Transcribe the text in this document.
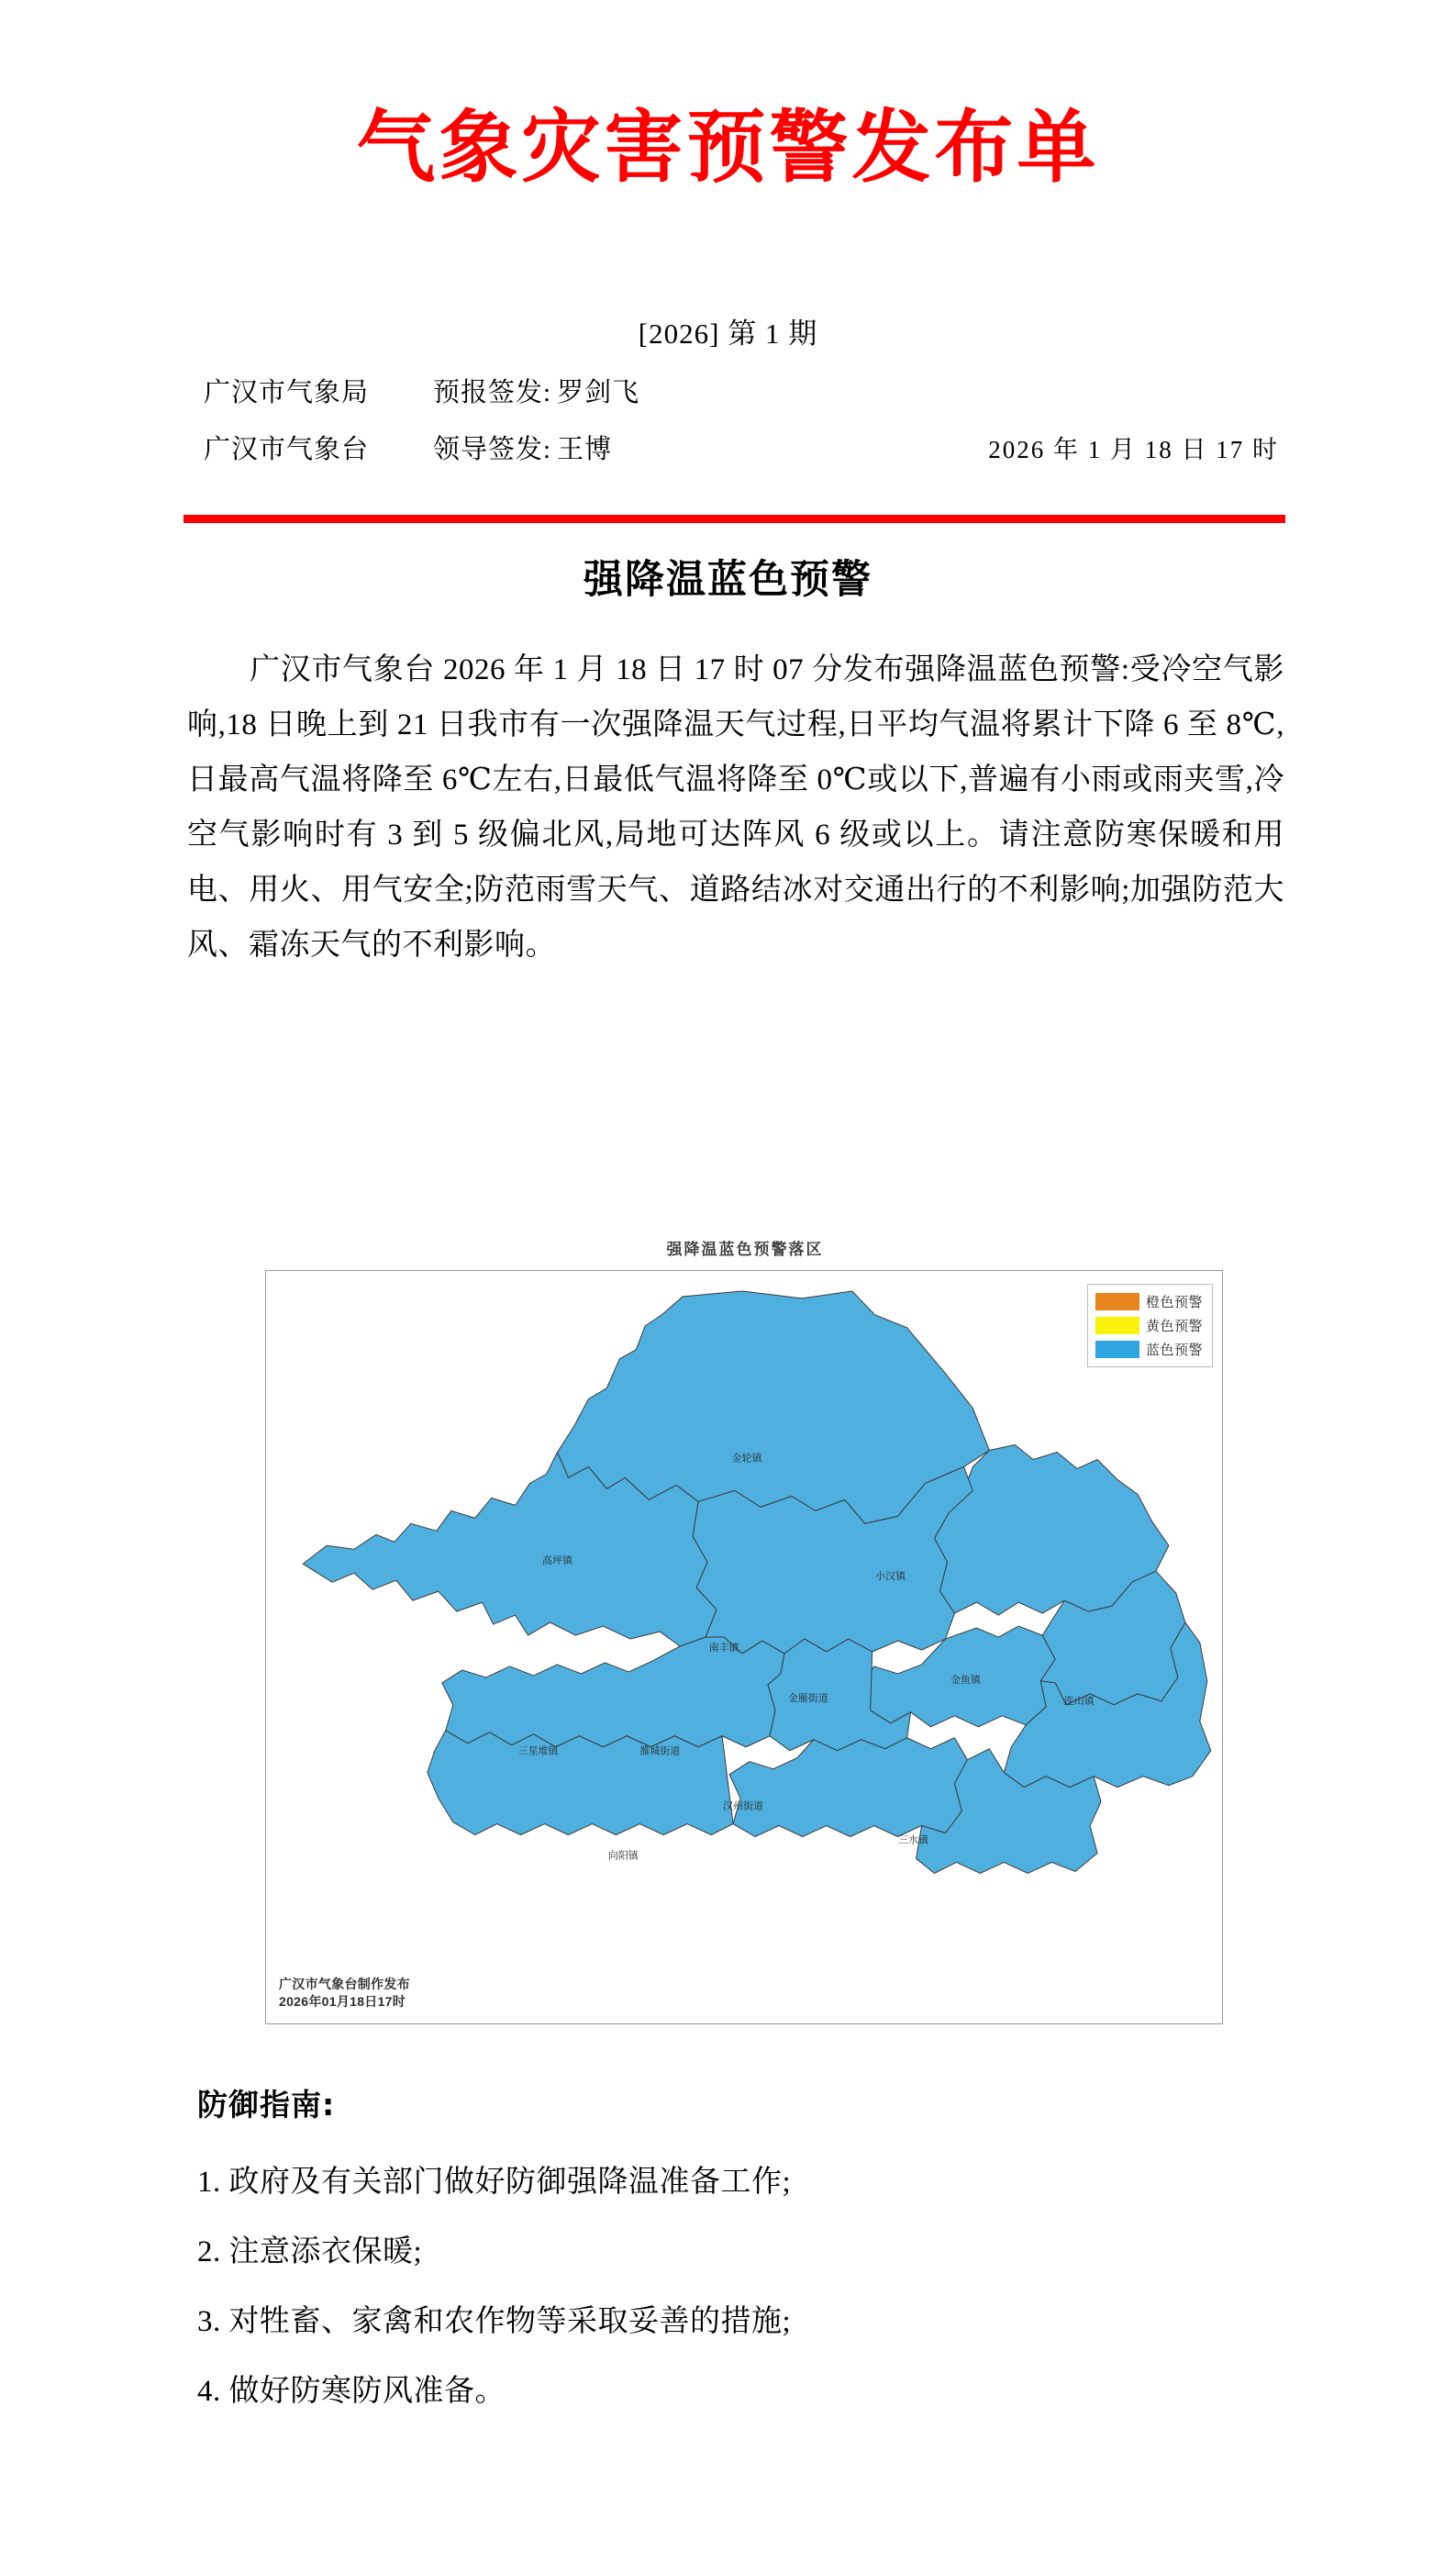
气象灾害预警发布单
[2026] 第 1 期
广汉市气象局	预报签发: 罗剑飞
广汉市气象台	领导签发: 王博	2026 年 1 月 18 日 17 时
强降温蓝色预警
广汉市气象台 2026 年 1 月 18 日 17 时 07 分发布强降温蓝色预警:受冷空气影响,18 日晚上到 21 日我市有一次强降温天气过程,日平均气温将累计下降 6 至 8℃,日最高气温将降至 6℃左右,日最低气温将降至 0℃或以下,普遍有小雨或雨夹雪,冷空气影响时有 3 到 5 级偏北风,局地可达阵风 6 级或以上。请注意防寒保暖和用电、用火、用气安全;防范雨雪天气、道路结冰对交通出行的不利影响;加强防范大风、霜冻天气的不利影响。
强降温蓝色预警落区
金轮镇
高坪镇
小汉镇
南丰镇
三星堆镇
金雁街道
雒城街道
金鱼镇
连山镇
汉州街道
三水镇
向阳镇
橙色预警
黄色预警
蓝色预警
广汉市气象台制作发布
2026年01月18日17时
防御指南:
1. 政府及有关部门做好防御强降温准备工作;
2. 注意添衣保暖;
3. 对牲畜、家禽和农作物等采取妥善的措施;
4. 做好防寒防风准备。
